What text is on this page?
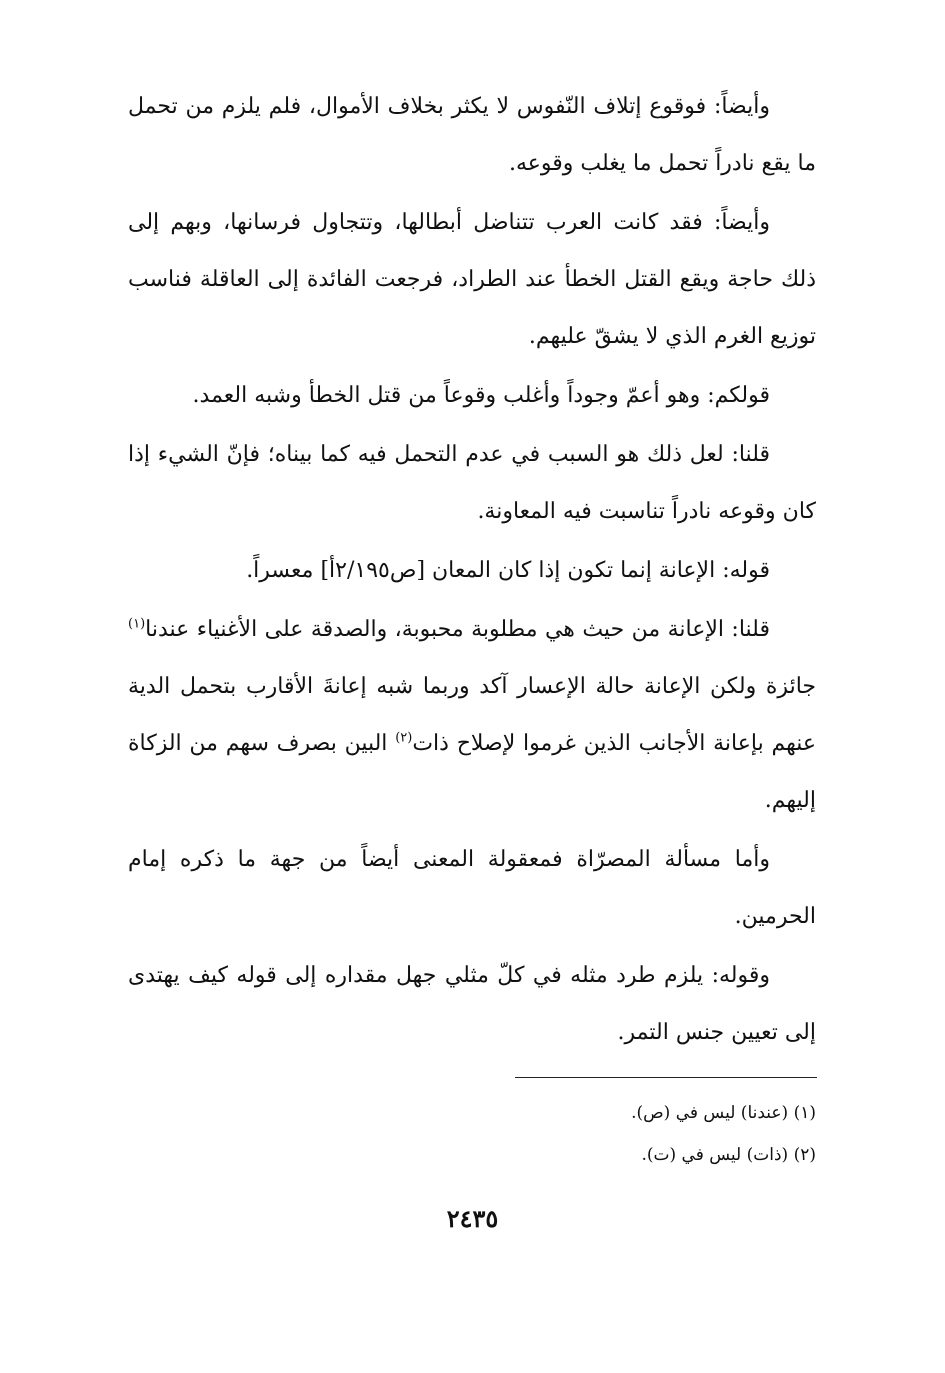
وأيضاً: فوقوع إتلاف النّفوس لا يكثر بخلاف الأموال، فلم يلزم من تحمل ما يقع نادراً تحمل ما يغلب وقوعه.

وأيضاً: فقد كانت العرب تتناضل أبطالها، وتتجاول فرسانها، وبهم إلى ذلك حاجة ويقع القتل الخطأ عند الطراد، فرجعت الفائدة إلى العاقلة فناسب توزيع الغرم الذي لا يشقّ عليهم.

قولكم: وهو أعمّ وجوداً وأغلب وقوعاً من قتل الخطأ وشبه العمد.

قلنا: لعل ذلك هو السبب في عدم التحمل فيه كما بيناه؛ فإنّ الشيء إذا كان وقوعه نادراً تناسبت فيه المعاونة.

قوله: الإعانة إنما تكون إذا كان المعان [ص٢/١٩٥أ] معسراً.

قلنا: الإعانة من حيث هي مطلوبة محبوبة، والصدقة على الأغنياء عندنا$^{(١)}$ جائزة ولكن الإعانة حالة الإعسار آكد وربما شبه إعانةَ الأقارب بتحمل الدية عنهم بإعانة الأجانب الذين غرموا لإصلاح ذات$^{(٢)}$ البين بصرف سهم من الزكاة إليهم.

وأما مسألة المصرّاة فمعقولة المعنى أيضاً من جهة ما ذكره إمام الحرمين.

وقوله: يلزم طرد مثله في كلّ مثلي جهل مقداره إلى قوله كيف يهتدى إلى تعيين جنس التمر.

(١) (عندنا) ليس في (ص).

(٢) (ذات) ليس في (ت).

٢٤٣٥
